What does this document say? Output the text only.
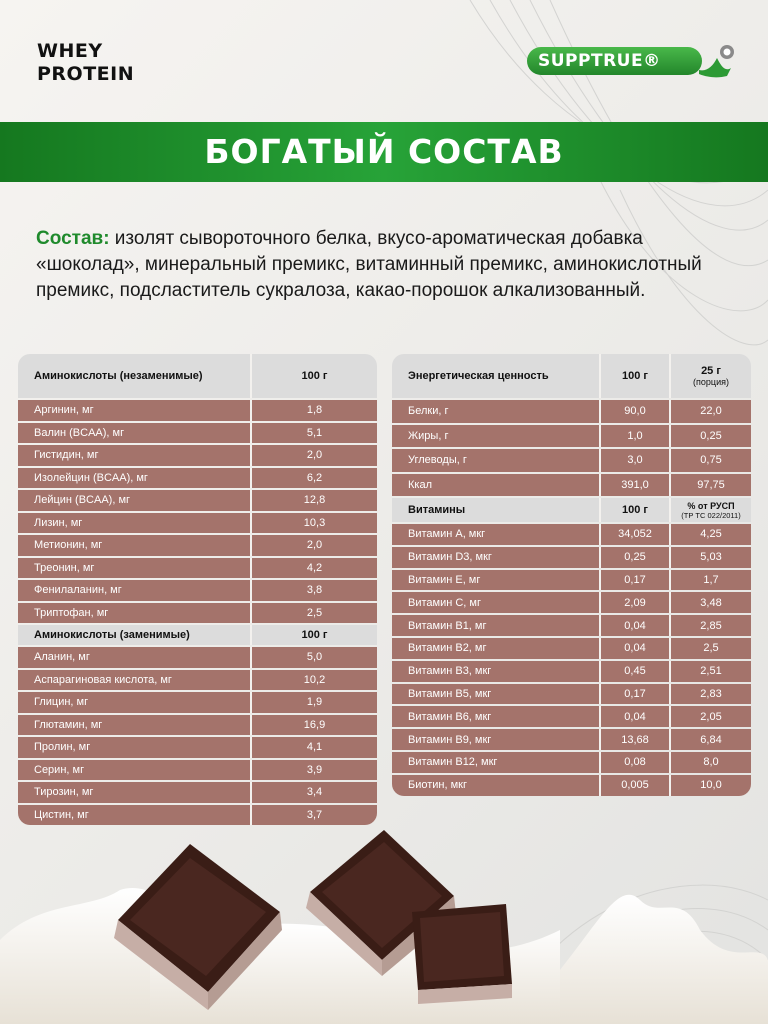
WHEY
PROTEIN
SUPPTRUE®
БОГАТЫЙ СОСТАВ
Состав: изолят сывороточного белка, вкусо-ароматическая добавка «шоколад», минеральный премикс, витаминный премикс, аминокислотный премикс, подсластитель сукралоза, какао-порошок алкализованный.
Аминокислоты (незаменимые)	100 г
Аргинин, мг	1,8
Валин (BCAA), мг	5,1
Гистидин, мг	2,0
Изолейцин (BCAA), мг	6,2
Лейцин (BCAA), мг	12,8
Лизин, мг	10,3
Метионин, мг	2,0
Треонин, мг	4,2
Фенилаланин, мг	3,8
Триптофан, мг	2,5
Аминокислоты (заменимые)	100 г
Аланин, мг	5,0
Аспарагиновая кислота, мг	10,2
Глицин, мг	1,9
Глютамин, мг	16,9
Пролин, мг	4,1
Серин, мг	3,9
Тирозин, мг	3,4
Цистин, мг	3,7
Энергетическая ценность	100 г	25 г
(порция)

Белки, г	90,0	22,0
Жиры, г	1,0	0,25
Углеводы, г	3,0	0,75
Ккал	391,0	97,75
Витамины	100 г	% от РУСП
(ТР ТС 022/2011)

Витамин А, мкг	34,052	4,25
Витамин D3, мкг	0,25	5,03
Витамин Е, мг	0,17	1,7
Витамин С, мг	2,09	3,48
Витамин В1, мг	0,04	2,85
Витамин В2, мг	0,04	2,5
Витамин В3, мкг	0,45	2,51
Витамин В5, мкг	0,17	2,83
Витамин В6, мкг	0,04	2,05
Витамин В9, мкг	13,68	6,84
Витамин В12, мкг	0,08	8,0
Биотин, мкг	0,005	10,0
